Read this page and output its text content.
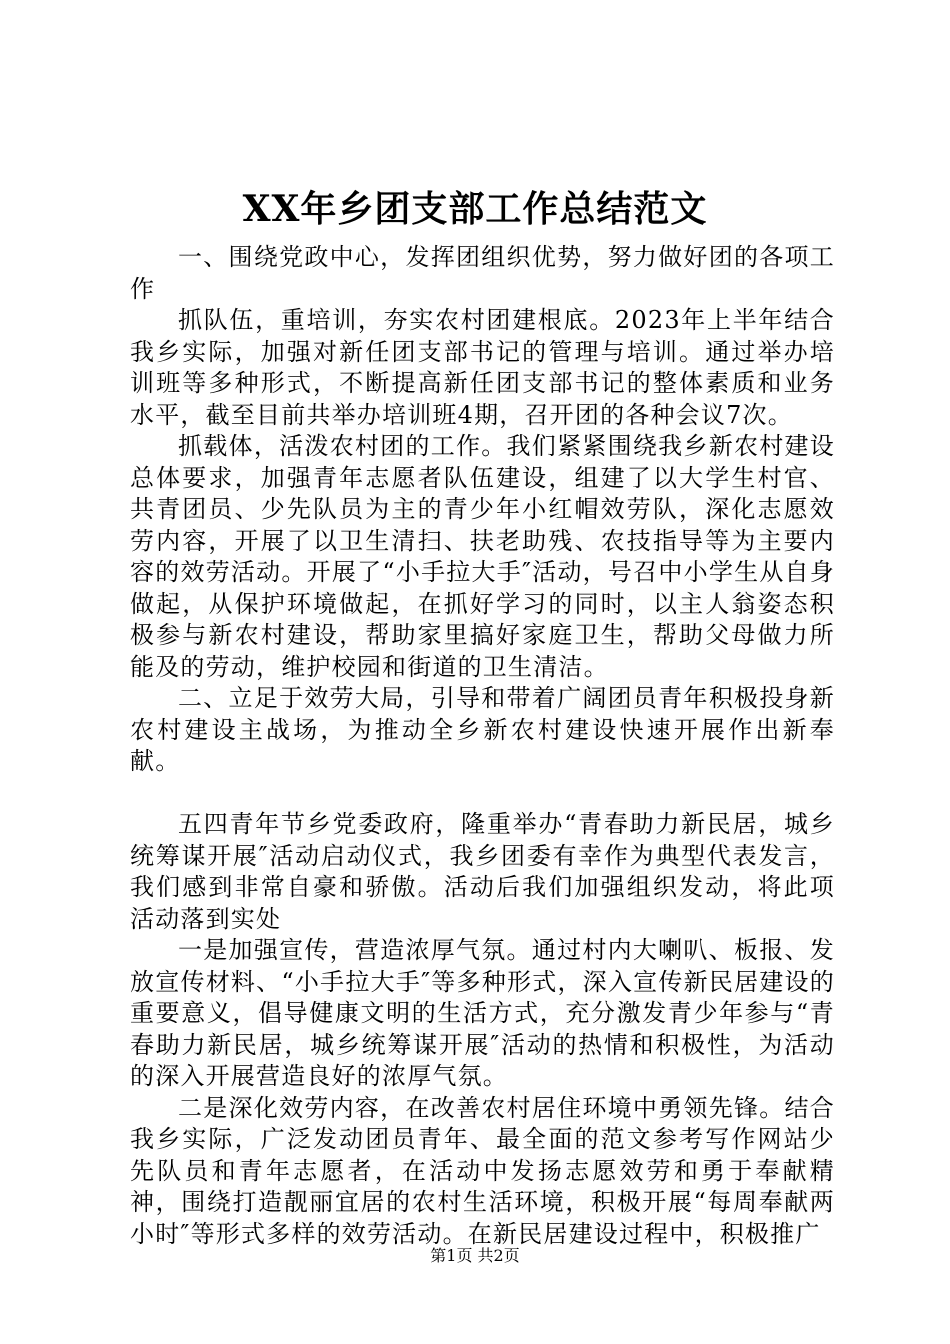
XX年乡团支部工作总结范文

一、围绕党政中心，发挥团组织优势，努力做好团的各项工作

抓队伍，重培训，夯实农村团建根底。2023年上半年结合我乡实际，加强对新任团支部书记的管理与培训。通过举办培训班等多种形式，不断提高新任团支部书记的整体素质和业务水平，截至目前共举办培训班4期，召开团的各种会议7次。

抓载体，活泼农村团的工作。我们紧紧围绕我乡新农村建设总体要求，加强青年志愿者队伍建设，组建了以大学生村官、共青团员、少先队员为主的青少年小红帽效劳队，深化志愿效劳内容，开展了以卫生清扫、扶老助残、农技指导等为主要内容的效劳活动。开展了“小手拉大手″活动，号召中小学生从自身做起，从保护环境做起，在抓好学习的同时，以主人翁姿态积极参与新农村建设，帮助家里搞好家庭卫生，帮助父母做力所能及的劳动，维护校园和街道的卫生清洁。

二、立足于效劳大局，引导和带着广阔团员青年积极投身新农村建设主战场，为推动全乡新农村建设快速开展作出新奉献。

五四青年节乡党委政府，隆重举办“青春助力新民居，城乡统筹谋开展″活动启动仪式，我乡团委有幸作为典型代表发言，我们感到非常自豪和骄傲。活动后我们加强组织发动，将此项活动落到实处

一是加强宣传，营造浓厚气氛。通过村内大喇叭、板报、发放宣传材料、“小手拉大手″等多种形式，深入宣传新民居建设的重要意义，倡导健康文明的生活方式，充分激发青少年参与“青春助力新民居，城乡统筹谋开展″活动的热情和积极性，为活动的深入开展营造良好的浓厚气氛。

二是深化效劳内容，在改善农村居住环境中勇领先锋。结合我乡实际，广泛发动团员青年、最全面的范文参考写作网站少先队员和青年志愿者，在活动中发扬志愿效劳和勇于奉献精神，围绕打造靓丽宜居的农村生活环境，积极开展“每周奉献两小时″等形式多样的效劳活动。在新民居建设过程中，积极推广

第1页 共2页
